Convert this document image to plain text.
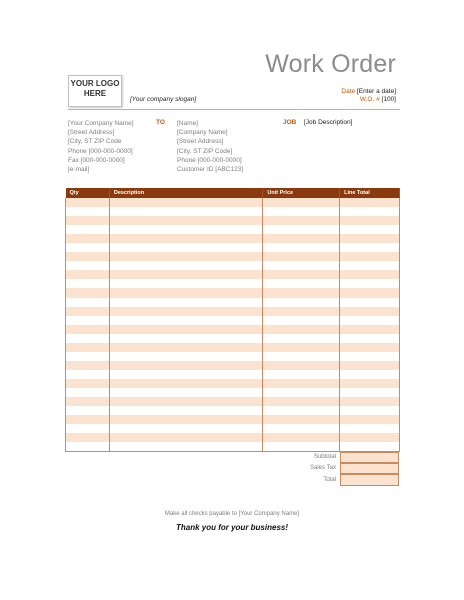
Work Order
YOUR LOGO
HERE
[Your company slogan]
Date [Enter a date]
W.O. # [100]
[Your Company Name]
[Street Address]
[City, ST ZIP Code
Phone [000-000-0000]
Fax [000-000-0000]
[e-mail]
TO [Name]
[Company Name]
[Street Address]
[City, ST ZIP Code]
Phone [000-000-0000]
Customer ID [ABC123]
JOB [Job Description]
Qty	Description	Unit Price	Line Total

Subtotal
Sales Tax
Total
Make all checks payable to [Your Company Name]
Thank you for your business!
